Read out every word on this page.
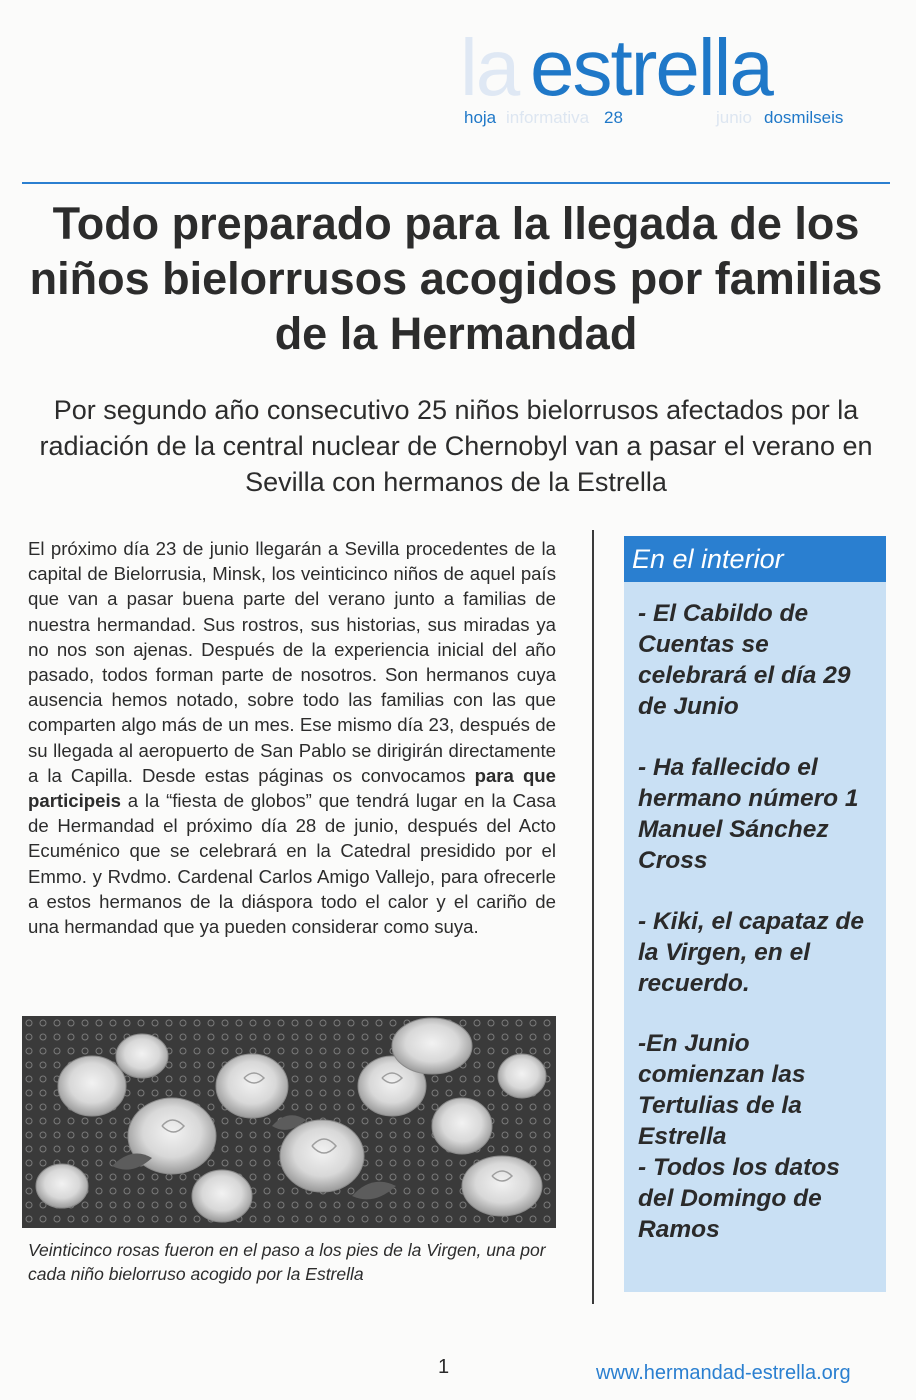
la estrella
hoja informativa 28	junio dosmilseis
Todo preparado para la llegada de los niños bielorrusos acogidos por familias de la Hermandad
Por segundo año consecutivo 25 niños bielorrusos afectados por la radiación de la central nuclear de Chernobyl van a pasar el verano en Sevilla con hermanos de la Estrella

El próximo día 23 de junio llegarán a Sevilla procedentes de la capital de Bielorrusia, Minsk, los veinticinco niños de aquel país que van a pasar buena parte del verano junto a familias de nuestra hermandad. Sus rostros, sus historias, sus miradas ya no nos son ajenas. Después de la experiencia inicial del año pasado, todos forman parte de nosotros. Son hermanos cuya ausencia hemos notado, sobre todo las familias con las que comparten algo más de un mes. Ese mismo día 23, después de su llegada al aeropuerto de San Pablo se dirigirán directamente a la Capilla. Desde estas páginas os convocamos para que participeis a la “fiesta de globos” que tendrá lugar en la Casa de Hermandad el próximo día 28 de junio, después del Acto Ecuménico que se celebrará en la Catedral presidido por el Emmo. y Rvdmo. Cardenal Carlos Amigo Vallejo, para ofrecerle a estos hermanos de la diáspora todo el calor y el cariño de una hermandad que ya pueden considerar como suya.

Veinticinco rosas fueron en el paso a los pies de la Virgen, una por cada niño bielorruso acogido por la Estrella

En el interior
- El Cabildo de Cuentas se celebrará el día 29 de Junio
- Ha fallecido el hermano número 1 Manuel Sánchez Cross
- Kiki, el capataz de la Virgen, en el recuerdo.
-En Junio comienzan las Tertulias de la Estrella
- Todos los datos del Domingo de Ramos
1	www.hermandad-estrella.org
